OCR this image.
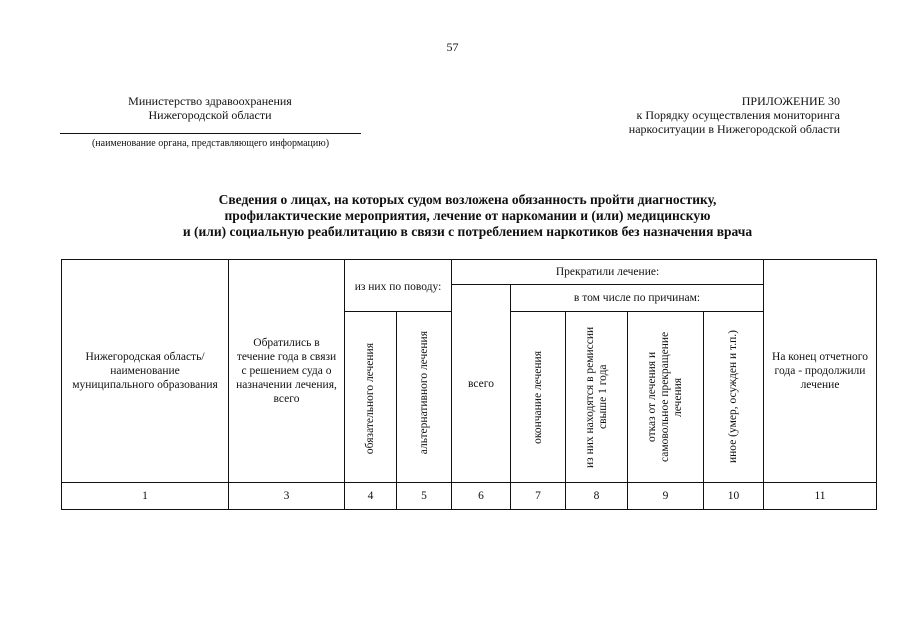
57
Министерство здравоохранения
Нижегородской области
(наименование органа, представляющего информацию)
ПРИЛОЖЕНИЕ 30
к Порядку осуществления мониторинга
наркоситуации в Нижегородской области
Сведения о лицах, на которых судом возложена обязанность пройти диагностику,
профилактические мероприятия, лечение от наркомании и (или) медицинскую
и (или) социальную реабилитацию в связи с потреблением наркотиков без назначения врача
Нижегородская область/ наименование муниципального образования	Обратились в течение года в связи с решением суда о назначении лечения, всего	из них по поводу:		Прекратили лечение:					На конец отчетного года - продолжили лечение
				всего	в том числе по причинам:				

		обязательного лечения	альтернативного лечения		окончание лечения	из них находятся в ремиссии свыше 1 года	отказ от лечения и самовольное прекращение лечения	иное (умер, осужден и т.п.)	

1	3	4	5	6	7	8	9	10	11
